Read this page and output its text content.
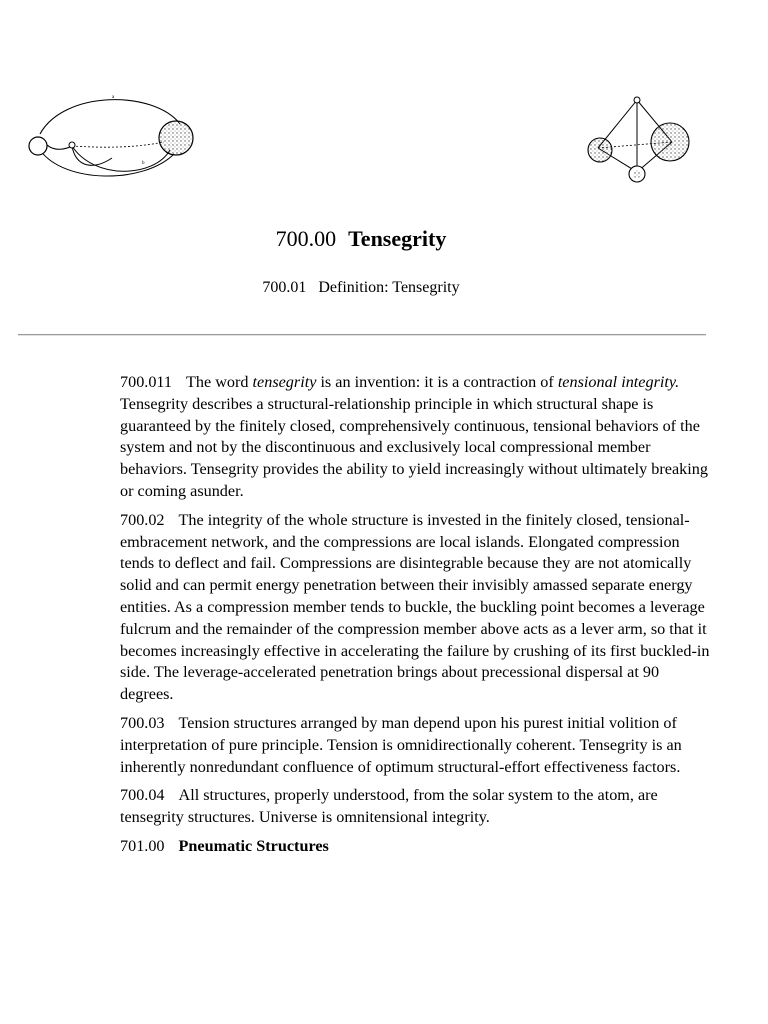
a
b
700.00 Tensegrity
700.01 Definition: Tensegrity

700.011 The word tensegrity is an invention: it is a contraction of tensional integrity. Tensegrity describes a structural-relationship principle in which structural shape is guaranteed by the finitely closed, comprehensively continuous, tensional behaviors of the system and not by the discontinuous and exclusively local compressional member behaviors. Tensegrity provides the ability to yield increasingly without ultimately breaking or coming asunder.

700.02 The integrity of the whole structure is invested in the finitely closed, tensional-embracement network, and the compressions are local islands. Elongated compression tends to deflect and fail. Compressions are disintegrable because they are not atomically solid and can permit energy penetration between their invisibly amassed separate energy entities. As a compression member tends to buckle, the buckling point becomes a leverage fulcrum and the remainder of the compression member above acts as a lever arm, so that it becomes increasingly effective in accelerating the failure by crushing of its first buckled-in side. The leverage-accelerated penetration brings about precessional dispersal at 90 degrees.

700.03 Tension structures arranged by man depend upon his purest initial volition of interpretation of pure principle. Tension is omnidirectionally coherent. Tensegrity is an inherently nonredundant confluence of optimum structural-effort effectiveness factors.

700.04 All structures, properly understood, from the solar system to the atom, are tensegrity structures. Universe is omnitensional integrity.

701.00 Pneumatic Structures
